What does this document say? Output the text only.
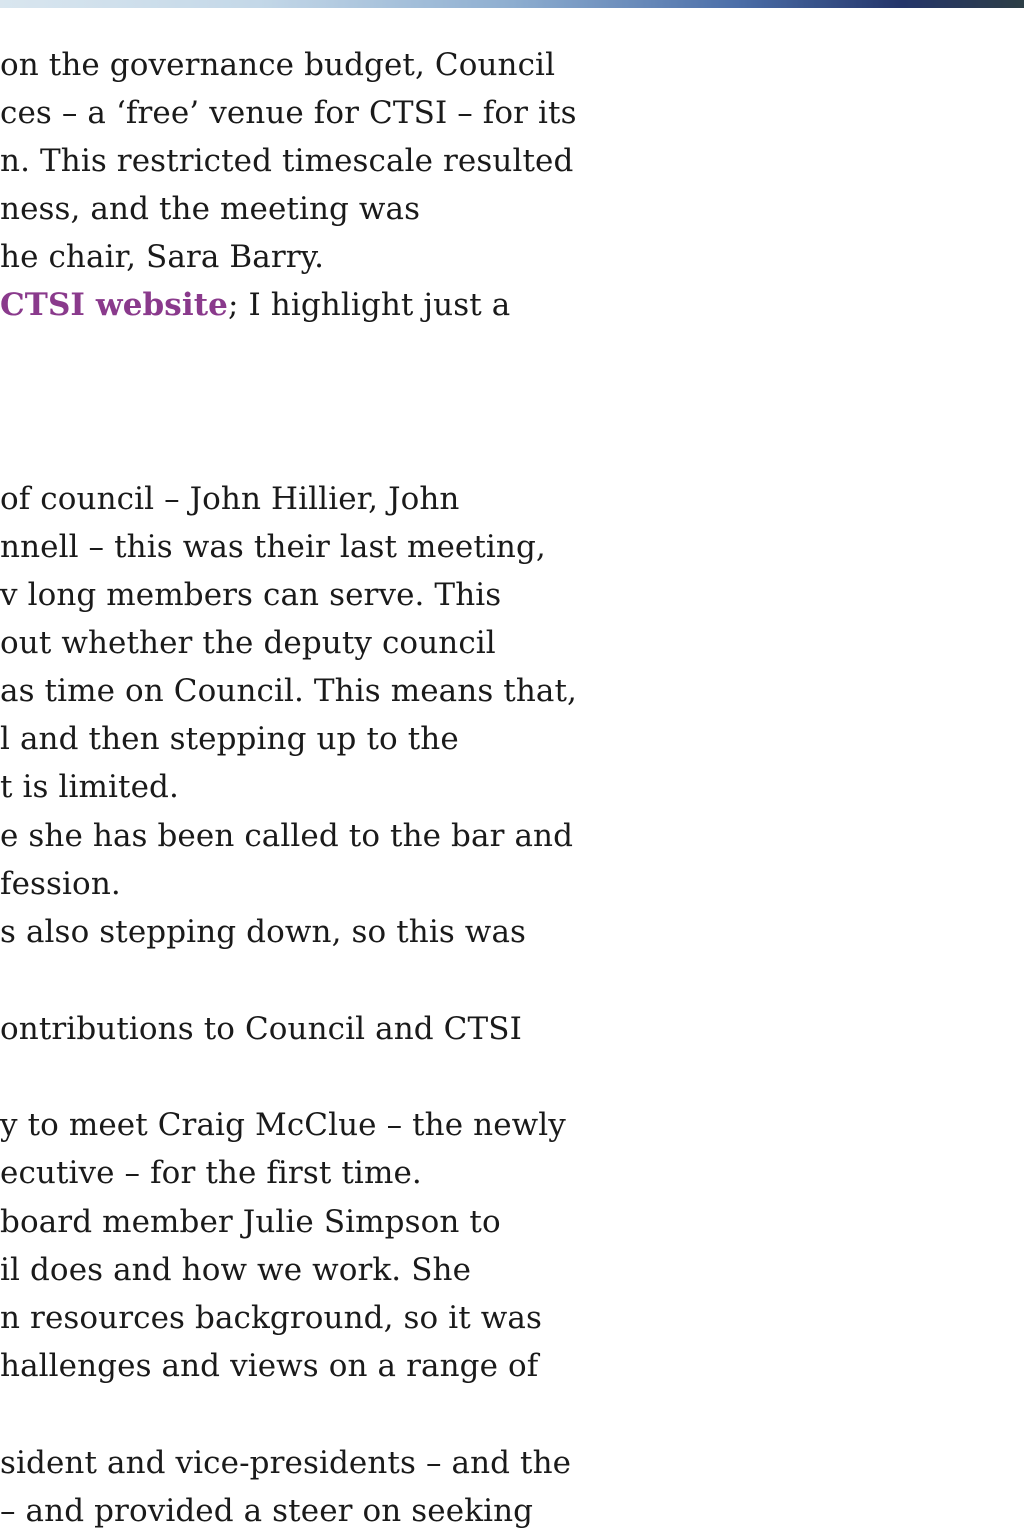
on the governance budget, Council
ces – a ‘free’ venue for CTSI – for its
n. This restricted timescale resulted
ness, and the meeting was
he chair, Sara Barry.
CTSI website; I highlight just a
of council – John Hillier, John
nnell – this was their last meeting,
v long members can serve. This
out whether the deputy council
as time on Council. This means that,
l and then stepping up to the
t is limited.
e she has been called to the bar and
fession.
s also stepping down, so this was
ontributions to Council and CTSI
y to meet Craig McClue – the newly
ecutive – for the first time.
board member Julie Simpson to
il does and how we work. She
n resources background, so it was
hallenges and views on a range of
sident and vice-presidents – and the
– and provided a steer on seeking
